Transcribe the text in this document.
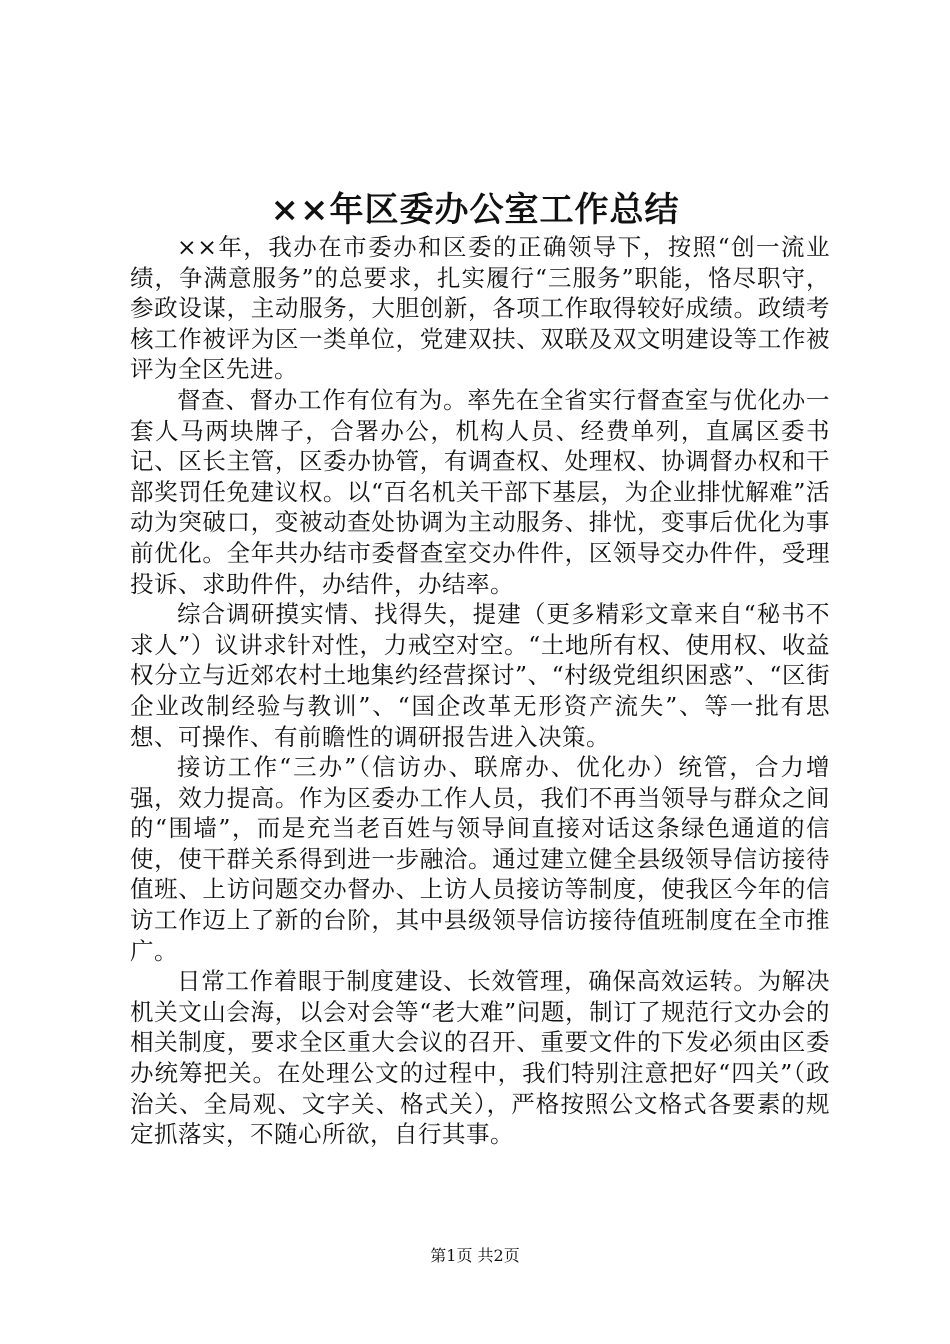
××年区委办公室工作总结

××年，我办在市委办和区委的正确领导下，按照“创一流业绩，争满意服务”的总要求，扎实履行“三服务”职能，恪尽职守，参政设谋，主动服务，大胆创新，各项工作取得较好成绩。政绩考核工作被评为区一类单位，党建双扶、双联及双文明建设等工作被评为全区先进。

督查、督办工作有位有为。率先在全省实行督查室与优化办一套人马两块牌子，合署办公，机构人员、经费单列，直属区委书记、区长主管，区委办协管，有调查权、处理权、协调督办权和干部奖罚任免建议权。以“百名机关干部下基层，为企业排忧解难”活动为突破口，变被动查处协调为主动服务、排忧，变事后优化为事前优化。全年共办结市委督查室交办件件，区领导交办件件，受理投诉、求助件件，办结件，办结率。

综合调研摸实情、找得失，提建（更多精彩文章来自“秘书不求人”）议讲求针对性，力戒空对空。“土地所有权、使用权、收益权分立与近郊农村土地集约经营探讨”、“村级党组织困惑”、“区街企业改制经验与教训”、“国企改革无形资产流失”、等一批有思想、可操作、有前瞻性的调研报告进入决策。

接访工作“三办”（信访办、联席办、优化办）统管，合力增强，效力提高。作为区委办工作人员，我们不再当领导与群众之间的“围墙”，而是充当老百姓与领导间直接对话这条绿色通道的信使，使干群关系得到进一步融洽。通过建立健全县级领导信访接待值班、上访问题交办督办、上访人员接访等制度，使我区今年的信访工作迈上了新的台阶，其中县级领导信访接待值班制度在全市推广。

日常工作着眼于制度建设、长效管理，确保高效运转。为解决机关文山会海，以会对会等“老大难”问题，制订了规范行文办会的相关制度，要求全区重大会议的召开、重要文件的下发必须由区委办统筹把关。在处理公文的过程中，我们特别注意把好“四关”（政治关、全局观、文字关、格式关），严格按照公文格式各要素的规定抓落实，不随心所欲，自行其事。

第1页 共2页
